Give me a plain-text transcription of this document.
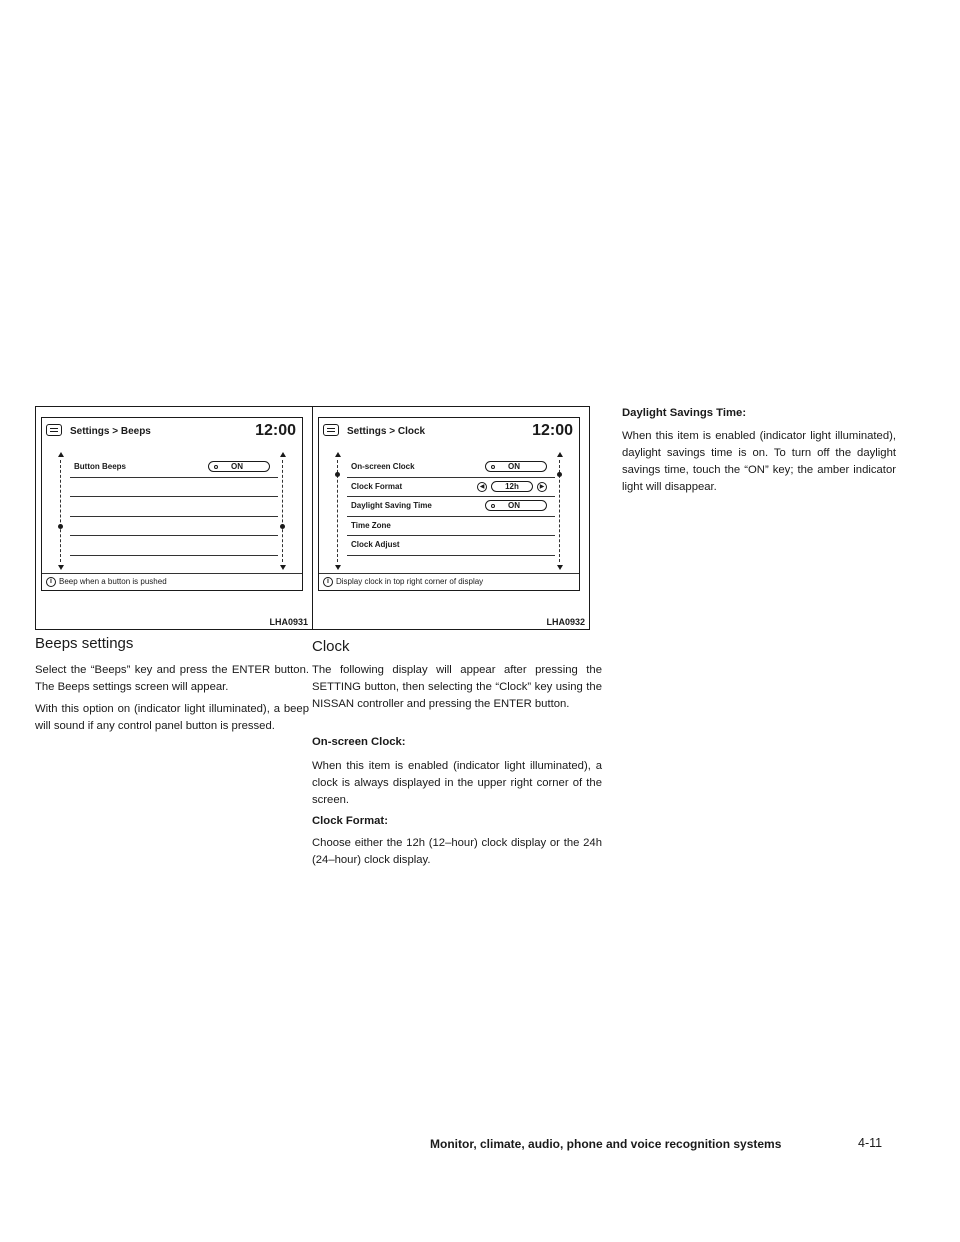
Settings > Beeps	12:00
Button Beeps	ON
i Beep when a button is pushed
LHA0931
Settings > Clock	12:00
On-screen Clock	ON
Clock Format	◀	12h	▶
Daylight Saving Time	ON
Time Zone
Clock Adjust
i Display clock in top right corner of display
LHA0932
Beeps settings

Select the “Beeps” key and press the ENTER button. The Beeps settings screen will appear.

With this option on (indicator light illuminated), a beep will sound if any control panel button is pressed.

Clock

The following display will appear after pressing the SETTING button, then selecting the “Clock” key using the NISSAN controller and pressing the ENTER button.

On-screen Clock:

When this item is enabled (indicator light illuminated), a clock is always displayed in the upper right corner of the screen.

Clock Format:

Choose either the 12h (12–hour) clock display or the 24h (24–hour) clock display.

Daylight Savings Time:

When this item is enabled (indicator light illuminated), daylight savings time is on. To turn off the daylight savings time, touch the “ON” key; the amber indicator light will disappear.

Monitor, climate, audio, phone and voice recognition systems	4-11
